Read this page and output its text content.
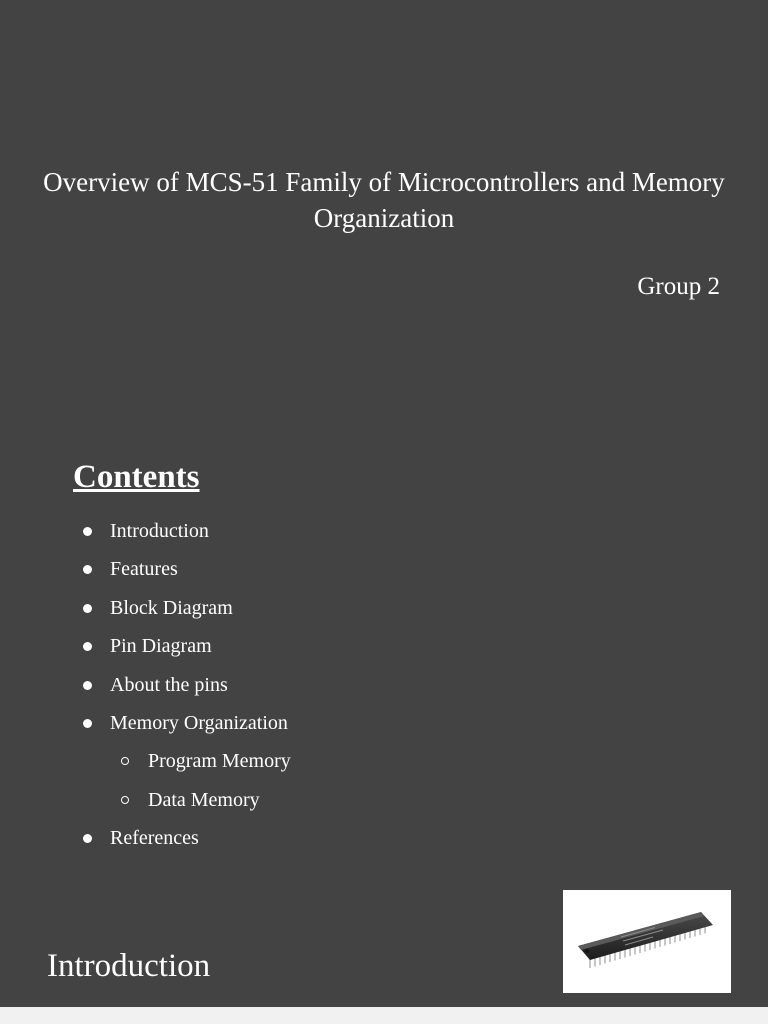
Overview of MCS-51 Family of Microcontrollers and Memory Organization
Group 2
Contents
Introduction
Features
Block Diagram
Pin Diagram
About the pins
Memory Organization
Program Memory
Data Memory
References
Introduction
